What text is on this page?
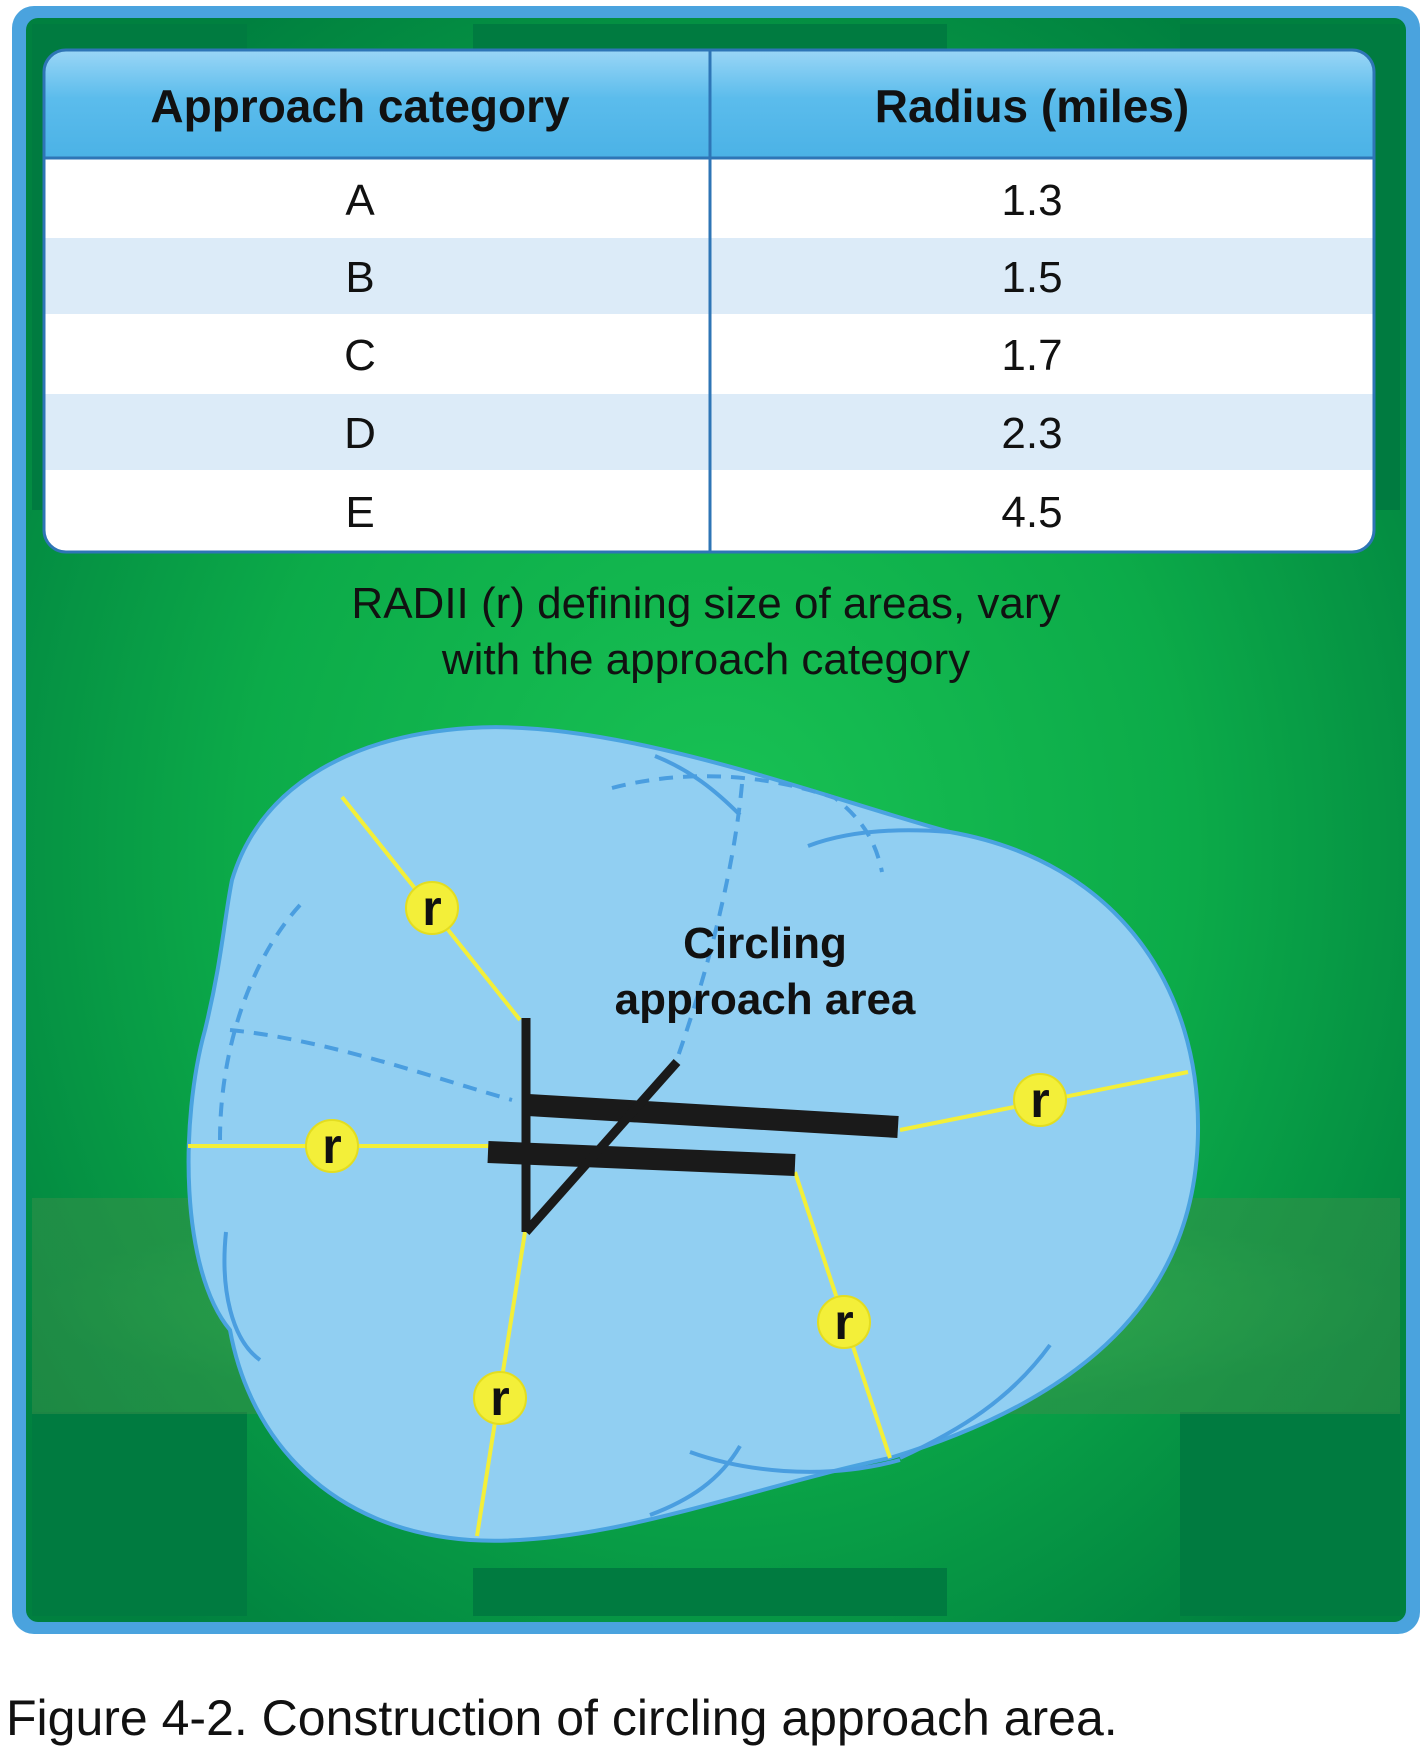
Approach category	Radius (miles)
A	1.3
B	1.5
C	1.7
D	2.3
E	4.5
RADII (r) defining size of areas, vary
with the approach category
r
r
r
r
r
Circling
approach area
Figure 4-2. Construction of circling approach area.
